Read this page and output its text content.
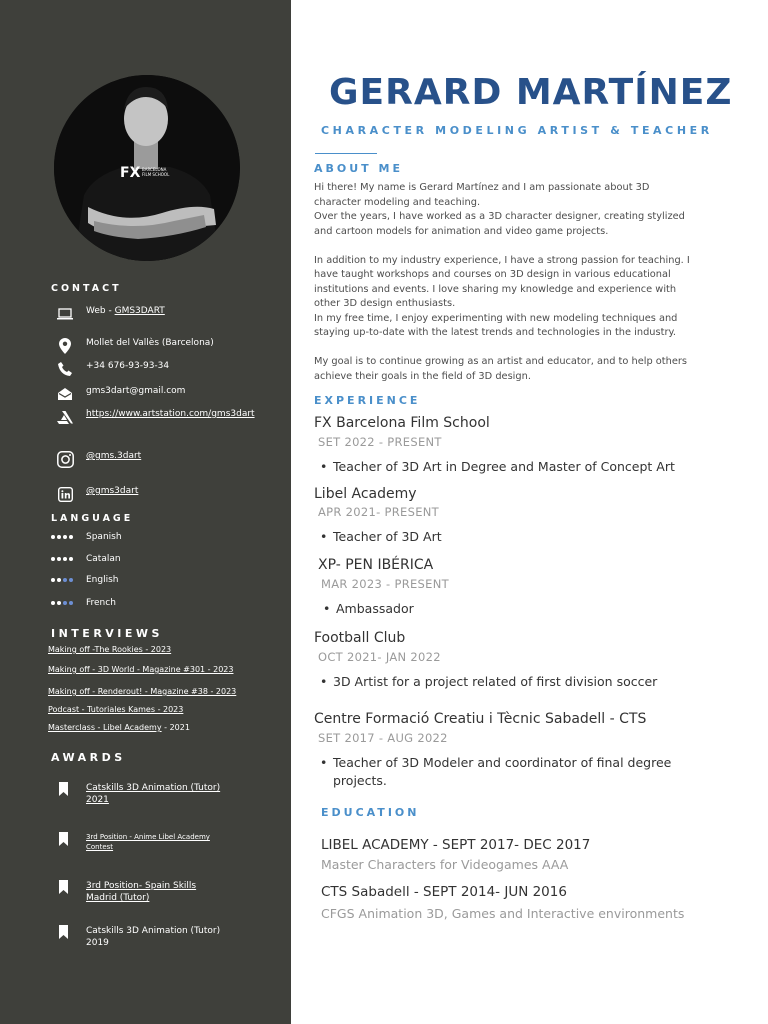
FX BARCELONA
FILM SCHOOL
CONTACT
Web - GMS3DART
Mollet del Vallès (Barcelona)
+34 676-93-93-34
gms3dart@gmail.com
https://www.artstation.com/gms3dart
@gms.3dart
@gms3dart
LANGUAGE
Spanish
Catalan
English
French
INTERVIEWS
Making off -The Rookies - 2023
Making off - 3D World - Magazine #301 - 2023
Making off - Renderout! - Magazine #38 - 2023
Podcast - Tutoriales Kames - 2023
Masterclass - Libel Academy - 2021
AWARDS
Catskills 3D Animation (Tutor) 2021
3rd Position - Anime Libel Academy Contest
3rd Position- Spain Skills Madrid (Tutor)
Catskills 3D Animation (Tutor) 2019
GERARD MARTÍNEZ
CHARACTER MODELING ARTIST & TEACHER
ABOUT ME

Hi there! My name is Gerard Martínez and I am passionate about 3D
character modeling and teaching.
Over the years, I have worked as a 3D character designer, creating stylized
and cartoon models for animation and video game projects.

In addition to my industry experience, I have a strong passion for teaching. I
have taught workshops and courses on 3D design in various educational
institutions and events. I love sharing my knowledge and experience with
other 3D design enthusiasts.
In my free time, I enjoy experimenting with new modeling techniques and
staying up-to-date with the latest trends and technologies in the industry.

My goal is to continue growing as an artist and educator, and to help others
achieve their goals in the field of 3D design.

EXPERIENCE
FX Barcelona Film School
SET 2022 - PRESENT
• Teacher of 3D Art in Degree and Master of Concept Art
Libel Academy
APR 2021- PRESENT
• Teacher of 3D Art
XP- PEN IBÉRICA
MAR 2023 - PRESENT
• Ambassador
Football Club
OCT 2021- JAN 2022
• 3D Artist for a project related of first division soccer
Centre Formació Creatiu i Tècnic Sabadell - CTS
SET 2017 - AUG 2022
• Teacher of 3D Modeler and coordinator of final degree projects.
EDUCATION
LIBEL ACADEMY - SEPT 2017- DEC 2017
Master Characters for Videogames AAA
CTS Sabadell - SEPT 2014- JUN 2016
CFGS Animation 3D, Games and Interactive environments
